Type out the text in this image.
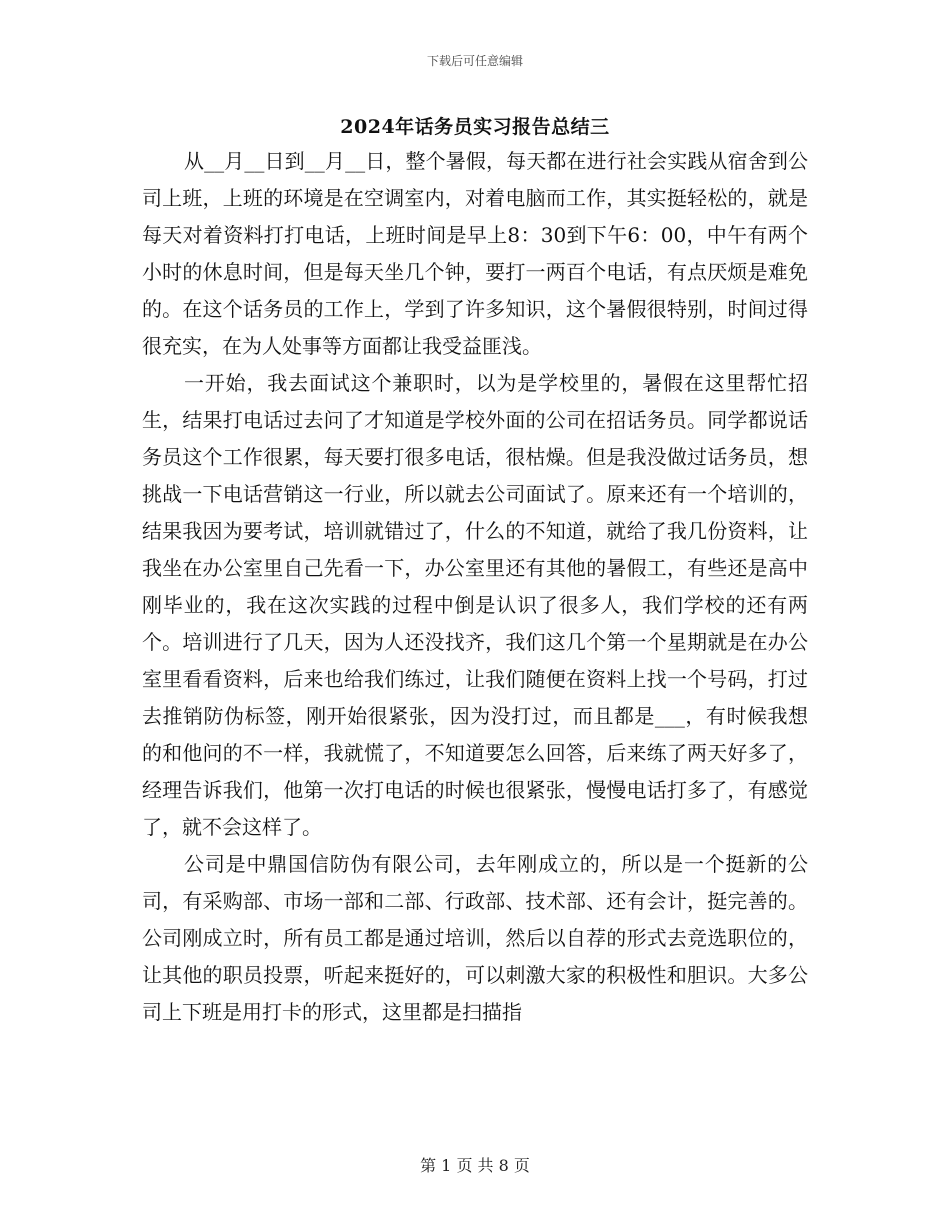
下载后可任意编辑
2024年话务员实习报告总结三

从__月__日到__月__日，整个暑假，每天都在进行社会实践从宿舍到公司上班，上班的环境是在空调室内，对着电脑而工作，其实挺轻松的，就是每天对着资料打打电话，上班时间是早上8：30到下午6：00，中午有两个小时的休息时间，但是每天坐几个钟，要打一两百个电话，有点厌烦是难免的。在这个话务员的工作上，学到了许多知识，这个暑假很特别，时间过得很充实，在为人处事等方面都让我受益匪浅。

一开始，我去面试这个兼职时，以为是学校里的，暑假在这里帮忙招生，结果打电话过去问了才知道是学校外面的公司在招话务员。同学都说话务员这个工作很累，每天要打很多电话，很枯燥。但是我没做过话务员，想挑战一下电话营销这一行业，所以就去公司面试了。原来还有一个培训的，结果我因为要考试，培训就错过了，什么的不知道，就给了我几份资料，让我坐在办公室里自己先看一下，办公室里还有其他的暑假工，有些还是高中刚毕业的，我在这次实践的过程中倒是认识了很多人，我们学校的还有两个。培训进行了几天，因为人还没找齐，我们这几个第一个星期就是在办公室里看看资料，后来也给我们练过，让我们随便在资料上找一个号码，打过去推销防伪标签，刚开始很紧张，因为没打过，而且都是___，有时候我想的和他问的不一样，我就慌了，不知道要怎么回答，后来练了两天好多了，经理告诉我们，他第一次打电话的时候也很紧张，慢慢电话打多了，有感觉了，就不会这样了。

公司是中鼎国信防伪有限公司，去年刚成立的，所以是一个挺新的公司，有采购部、市场一部和二部、行政部、技术部、还有会计，挺完善的。公司刚成立时，所有员工都是通过培训，然后以自荐的形式去竞选职位的，让其他的职员投票，听起来挺好的，可以刺激大家的积极性和胆识。大多公司上下班是用打卡的形式，这里都是扫描指

第 1 页 共 8 页
